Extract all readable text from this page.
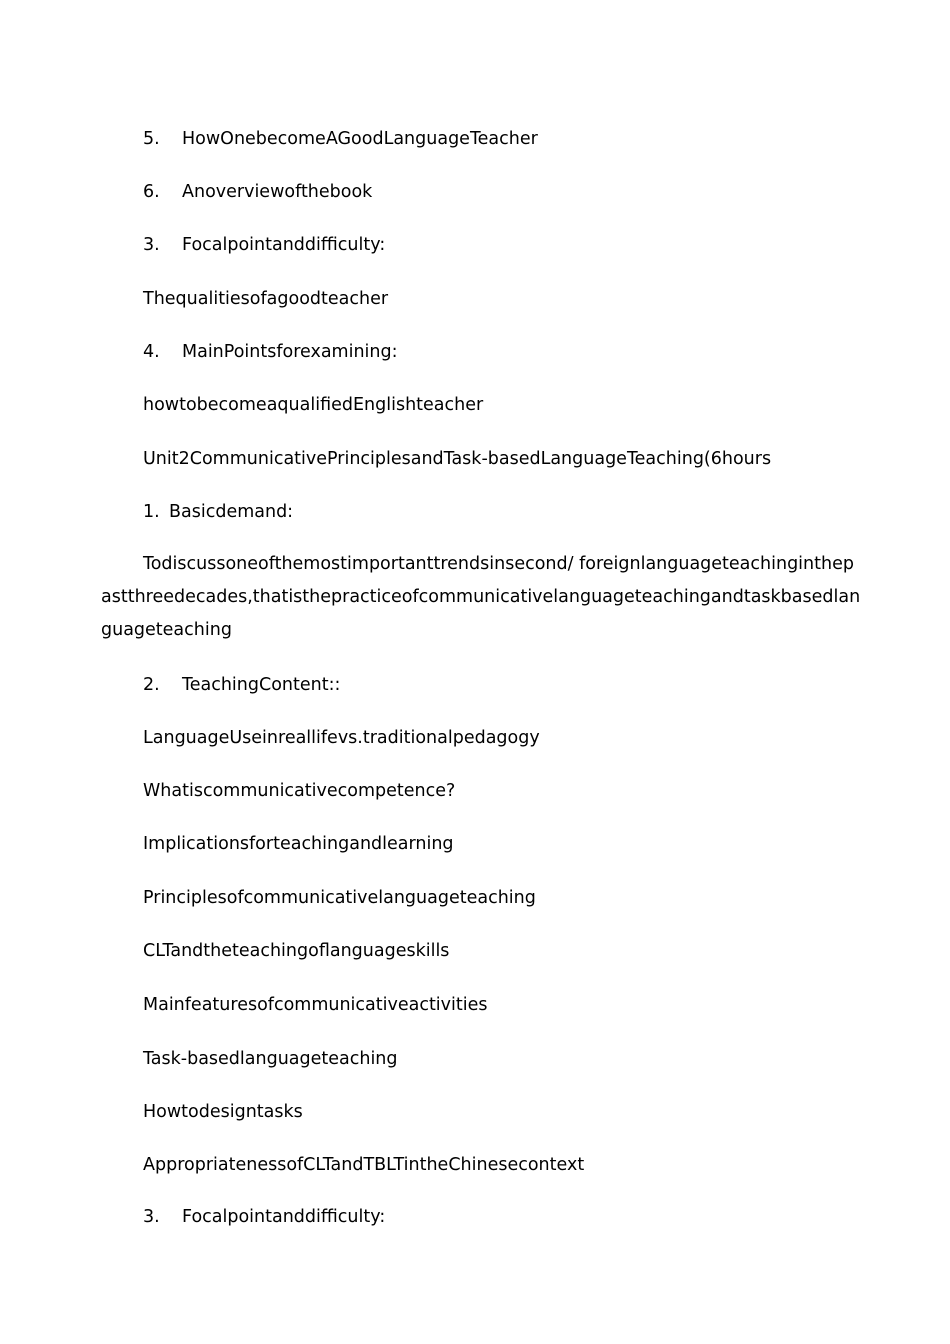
5. HowOnebecomeAGoodLanguageTeacher
6. Anoverviewofthebook
3. Focalpointanddifficulty:
Thequalitiesofagoodteacher
4. MainPointsforexamining:
howtobecomeaqualifiedEnglishteacher
Unit2CommunicativePrinciplesandTask-basedLanguageTeaching(6hours
1. Basicdemand:
Todiscussoneofthemostimportanttrendsinsecond/ foreignlanguageteachinginthepastthreedecades,thatisthepracticeofcommunicativelanguageteachingandtaskbasedlanguageteaching
2. TeachingContent::
LanguageUseinreallifevs.traditionalpedagogy
Whatiscommunicativecompetence?
Implicationsforteachingandlearning
Principlesofcommunicativelanguageteaching
CLTandtheteachingoflanguageskills
Mainfeaturesofcommunicativeactivities
Task-basedlanguageteaching
Howtodesigntasks
AppropriatenessofCLTandTBLTintheChinesecontext
3. Focalpointanddifficulty:
